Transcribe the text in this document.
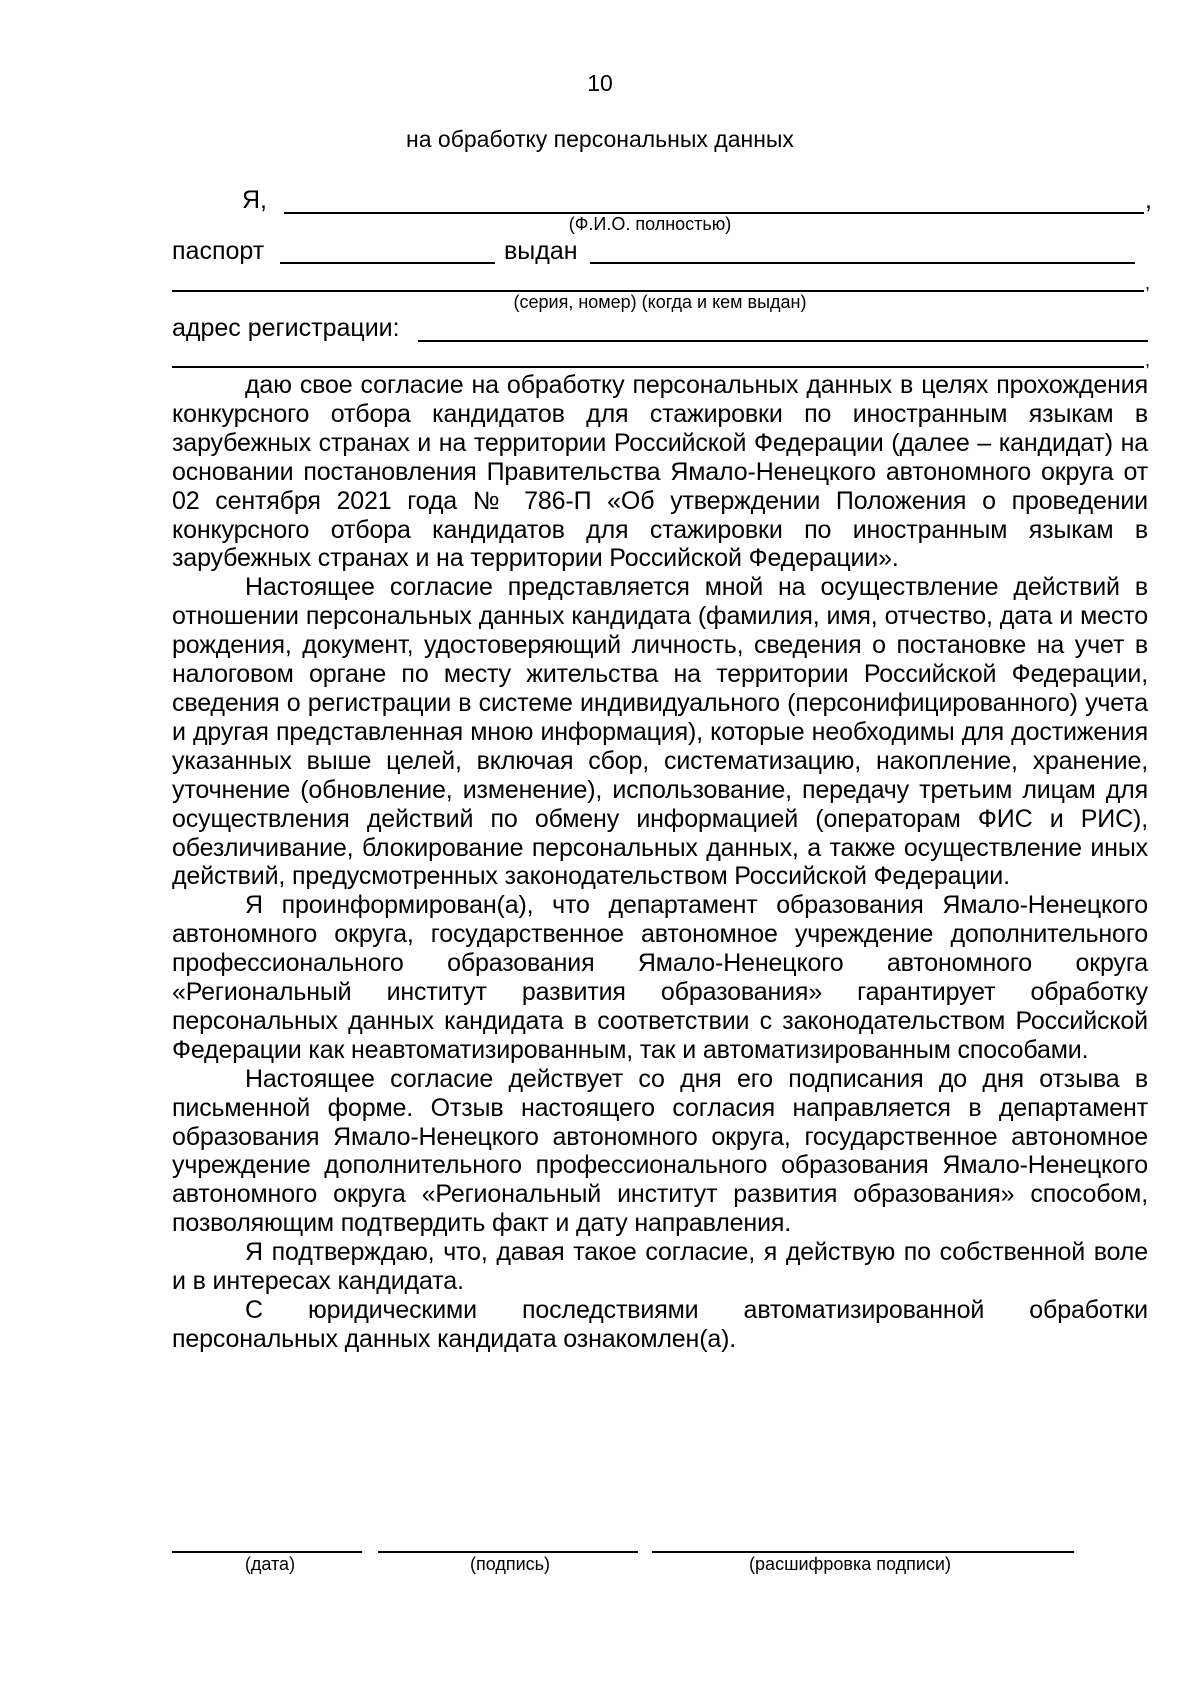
10
на обработку персональных данных
Я,	,
(Ф.И.О. полностью)
паспорт	выдан
,
(серия, номер) (когда и кем выдан)
адрес регистрации:
,

даю свое согласие на обработку персональных данных в целях прохождения конкурсного отбора кандидатов для стажировки по иностранным языкам в зарубежных странах и на территории Российской Федерации (далее – кандидат) на основании постановления Правительства Ямало-Ненецкого автономного округа от 02 сентября 2021 года № 786-П «Об утверждении Положения о проведении конкурсного отбора кандидатов для стажировки по иностранным языкам в зарубежных странах и на территории Российской Федерации».

Настоящее согласие представляется мной на осуществление действий в отношении персональных данных кандидата (фамилия, имя, отчество, дата и место рождения, документ, удостоверяющий личность, сведения о постановке на учет в налоговом органе по месту жительства на территории Российской Федерации, сведения о регистрации в системе индивидуального (персонифицированного) учета и другая представленная мною информация), которые необходимы для достижения указанных выше целей, включая сбор, систематизацию, накопление, хранение, уточнение (обновление, изменение), использование, передачу третьим лицам для осуществления действий по обмену информацией (операторам ФИС и РИС), обезличивание, блокирование персональных данных, а также осуществление иных действий, предусмотренных законодательством Российской Федерации.

Я проинформирован(а), что департамент образования Ямало-Ненецкого автономного округа, государственное автономное учреждение дополнительного профессионального образования Ямало-Ненецкого автономного округа «Региональный институт развития образования» гарантирует обработку персональных данных кандидата в соответствии с законодательством Российской Федерации как неавтоматизированным, так и автоматизированным способами.

Настоящее согласие действует со дня его подписания до дня отзыва в письменной форме. Отзыв настоящего согласия направляется в департамент образования Ямало-Ненецкого автономного округа, государственное автономное учреждение дополнительного профессионального образования Ямало-Ненецкого автономного округа «Региональный институт развития образования» способом, позволяющим подтвердить факт и дату направления.

Я подтверждаю, что, давая такое согласие, я действую по собственной воле и в интересах кандидата.

С юридическими последствиями автоматизированной обработки персональных данных кандидата ознакомлен(а).

(дата)	(подпись)	(расшифровка подписи)
